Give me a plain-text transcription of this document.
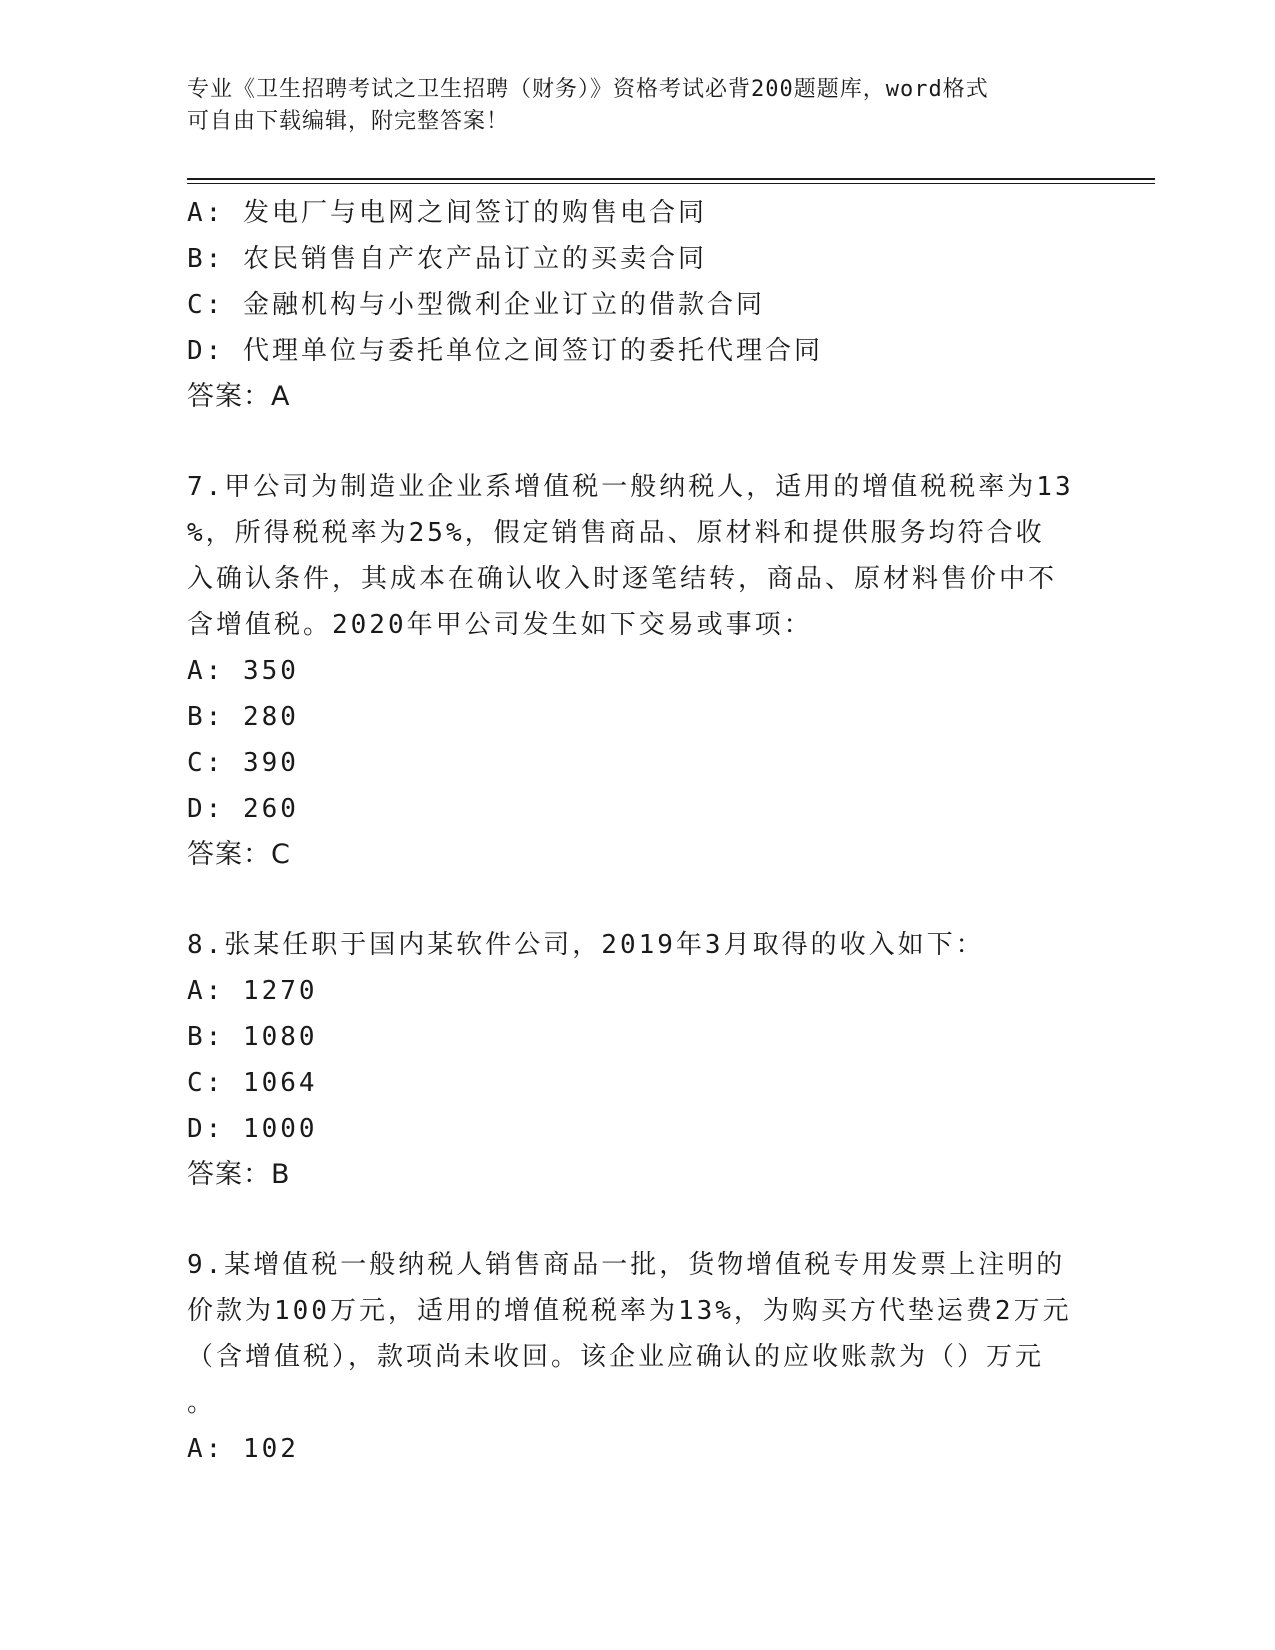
专业《卫生招聘考试之卫生招聘（财务）》资格考试必背200题题库，word格式
可自由下载编辑，附完整答案！
A: 发电厂与电网之间签订的购售电合同
B: 农民销售自产农产品订立的买卖合同
C: 金融机构与小型微利企业订立的借款合同
D: 代理单位与委托单位之间签订的委托代理合同
答案：A
7.甲公司为制造业企业系增值税一般纳税人，适用的增值税税率为13
%，所得税税率为25%，假定销售商品、原材料和提供服务均符合收
入确认条件，其成本在确认收入时逐笔结转，商品、原材料售价中不
含增值税。2020年甲公司发生如下交易或事项：
A: 350
B: 280
C: 390
D: 260
答案：C
8.张某任职于国内某软件公司，2019年3月取得的收入如下：
A: 1270
B: 1080
C: 1064
D: 1000
答案：B
9.某增值税一般纳税人销售商品一批，货物增值税专用发票上注明的
价款为100万元，适用的增值税税率为13%，为购买方代垫运费2万元
（含增值税），款项尚未收回。该企业应确认的应收账款为（）万元
。
A: 102
